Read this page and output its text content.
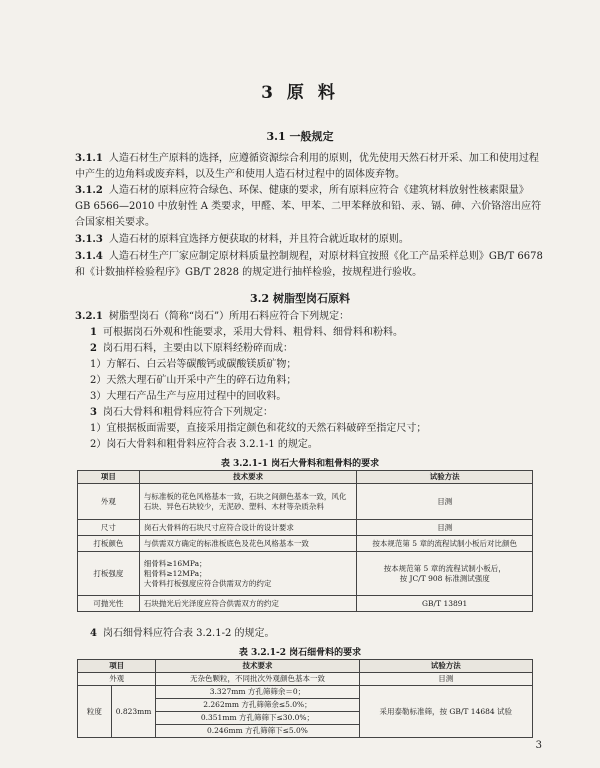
3 原 料
3.1 一般规定
3.1.1 人造石材生产原料的选择，应遵循资源综合利用的原则，优先使用天然石材开采、加工和使用过程中产生的边角料或废弃料，以及生产和使用人造石材过程中的固体废弃物。
3.1.2 人造石材的原料应符合绿色、环保、健康的要求，所有原料应符合《建筑材料放射性核素限量》GB 6566—2010 中放射性 A 类要求，甲醛、苯、甲苯、二甲苯释放和铅、汞、镉、砷、六价铬溶出应符合国家相关要求。
3.1.3 人造石材的原料宜选择方便获取的材料，并且符合就近取材的原则。
3.1.4 人造石材生产厂家应制定原材料质量控制规程，对原材料宜按照《化工产品采样总则》GB/T 6678 和《计数抽样检验程序》GB/T 2828 的规定进行抽样检验，按规程进行验收。
3.2 树脂型岗石原料
3.2.1 树脂型岗石（简称“岗石”）所用石料应符合下列规定：
1 可根据岗石外观和性能要求，采用大骨料、粗骨料、细骨料和粉料。
2 岗石用石料，主要由以下原料经粉碎而成：
1）方解石、白云岩等碳酸钙或碳酸镁质矿物；
2）天然大理石矿山开采中产生的碎石边角料；
3）大理石产品生产与应用过程中的回收料。
3 岗石大骨料和粗骨料应符合下列规定：
1）宜根据板面需要，直接采用指定颜色和花纹的天然石料破碎至指定尺寸；
2）岗石大骨料和粗骨料应符合表 3.2.1-1 的规定。
表 3.2.1-1 岗石大骨料和粗骨料的要求
项目	技术要求	试验方法
外观	与标准板的花色风格基本一致，石块之间颜色基本一致，风化石块、异色石块较少，无泥砂、塑料、木材等杂质杂料	目测
尺寸	岗石大骨料的石块尺寸应符合设计的设计要求	目测
打板颜色	与供需双方确定的标准板底色及花色风格基本一致	按本规范第 5 章的流程试制小板后对比颜色
打板强度	细骨料≥16MPa；
粗骨料≥12MPa；
大骨料打板强度应符合供需双方的约定	按本规范第 5 章的流程试制小板后，
按 JC/T 908 标准测试强度
可抛光性	石块抛光后光泽度应符合供需双方的约定	GB/T 13891
4 岗石细骨料应符合表 3.2.1-2 的规定。
表 3.2.1-2 岗石细骨料的要求
项目		技术要求	试验方法
外观		无杂色颗粒，不同批次外观颜色基本一致	目测
粒度	0.823mm	3.327mm 方孔筛筛余＝0；	采用泰勒标准筛，按 GB/T 14684 试验
		2.262mm 方孔筛筛余≤5.0%；	
		0.351mm 方孔筛筛下≤30.0%；	
		0.246mm 方孔筛筛下≤5.0%	
3
